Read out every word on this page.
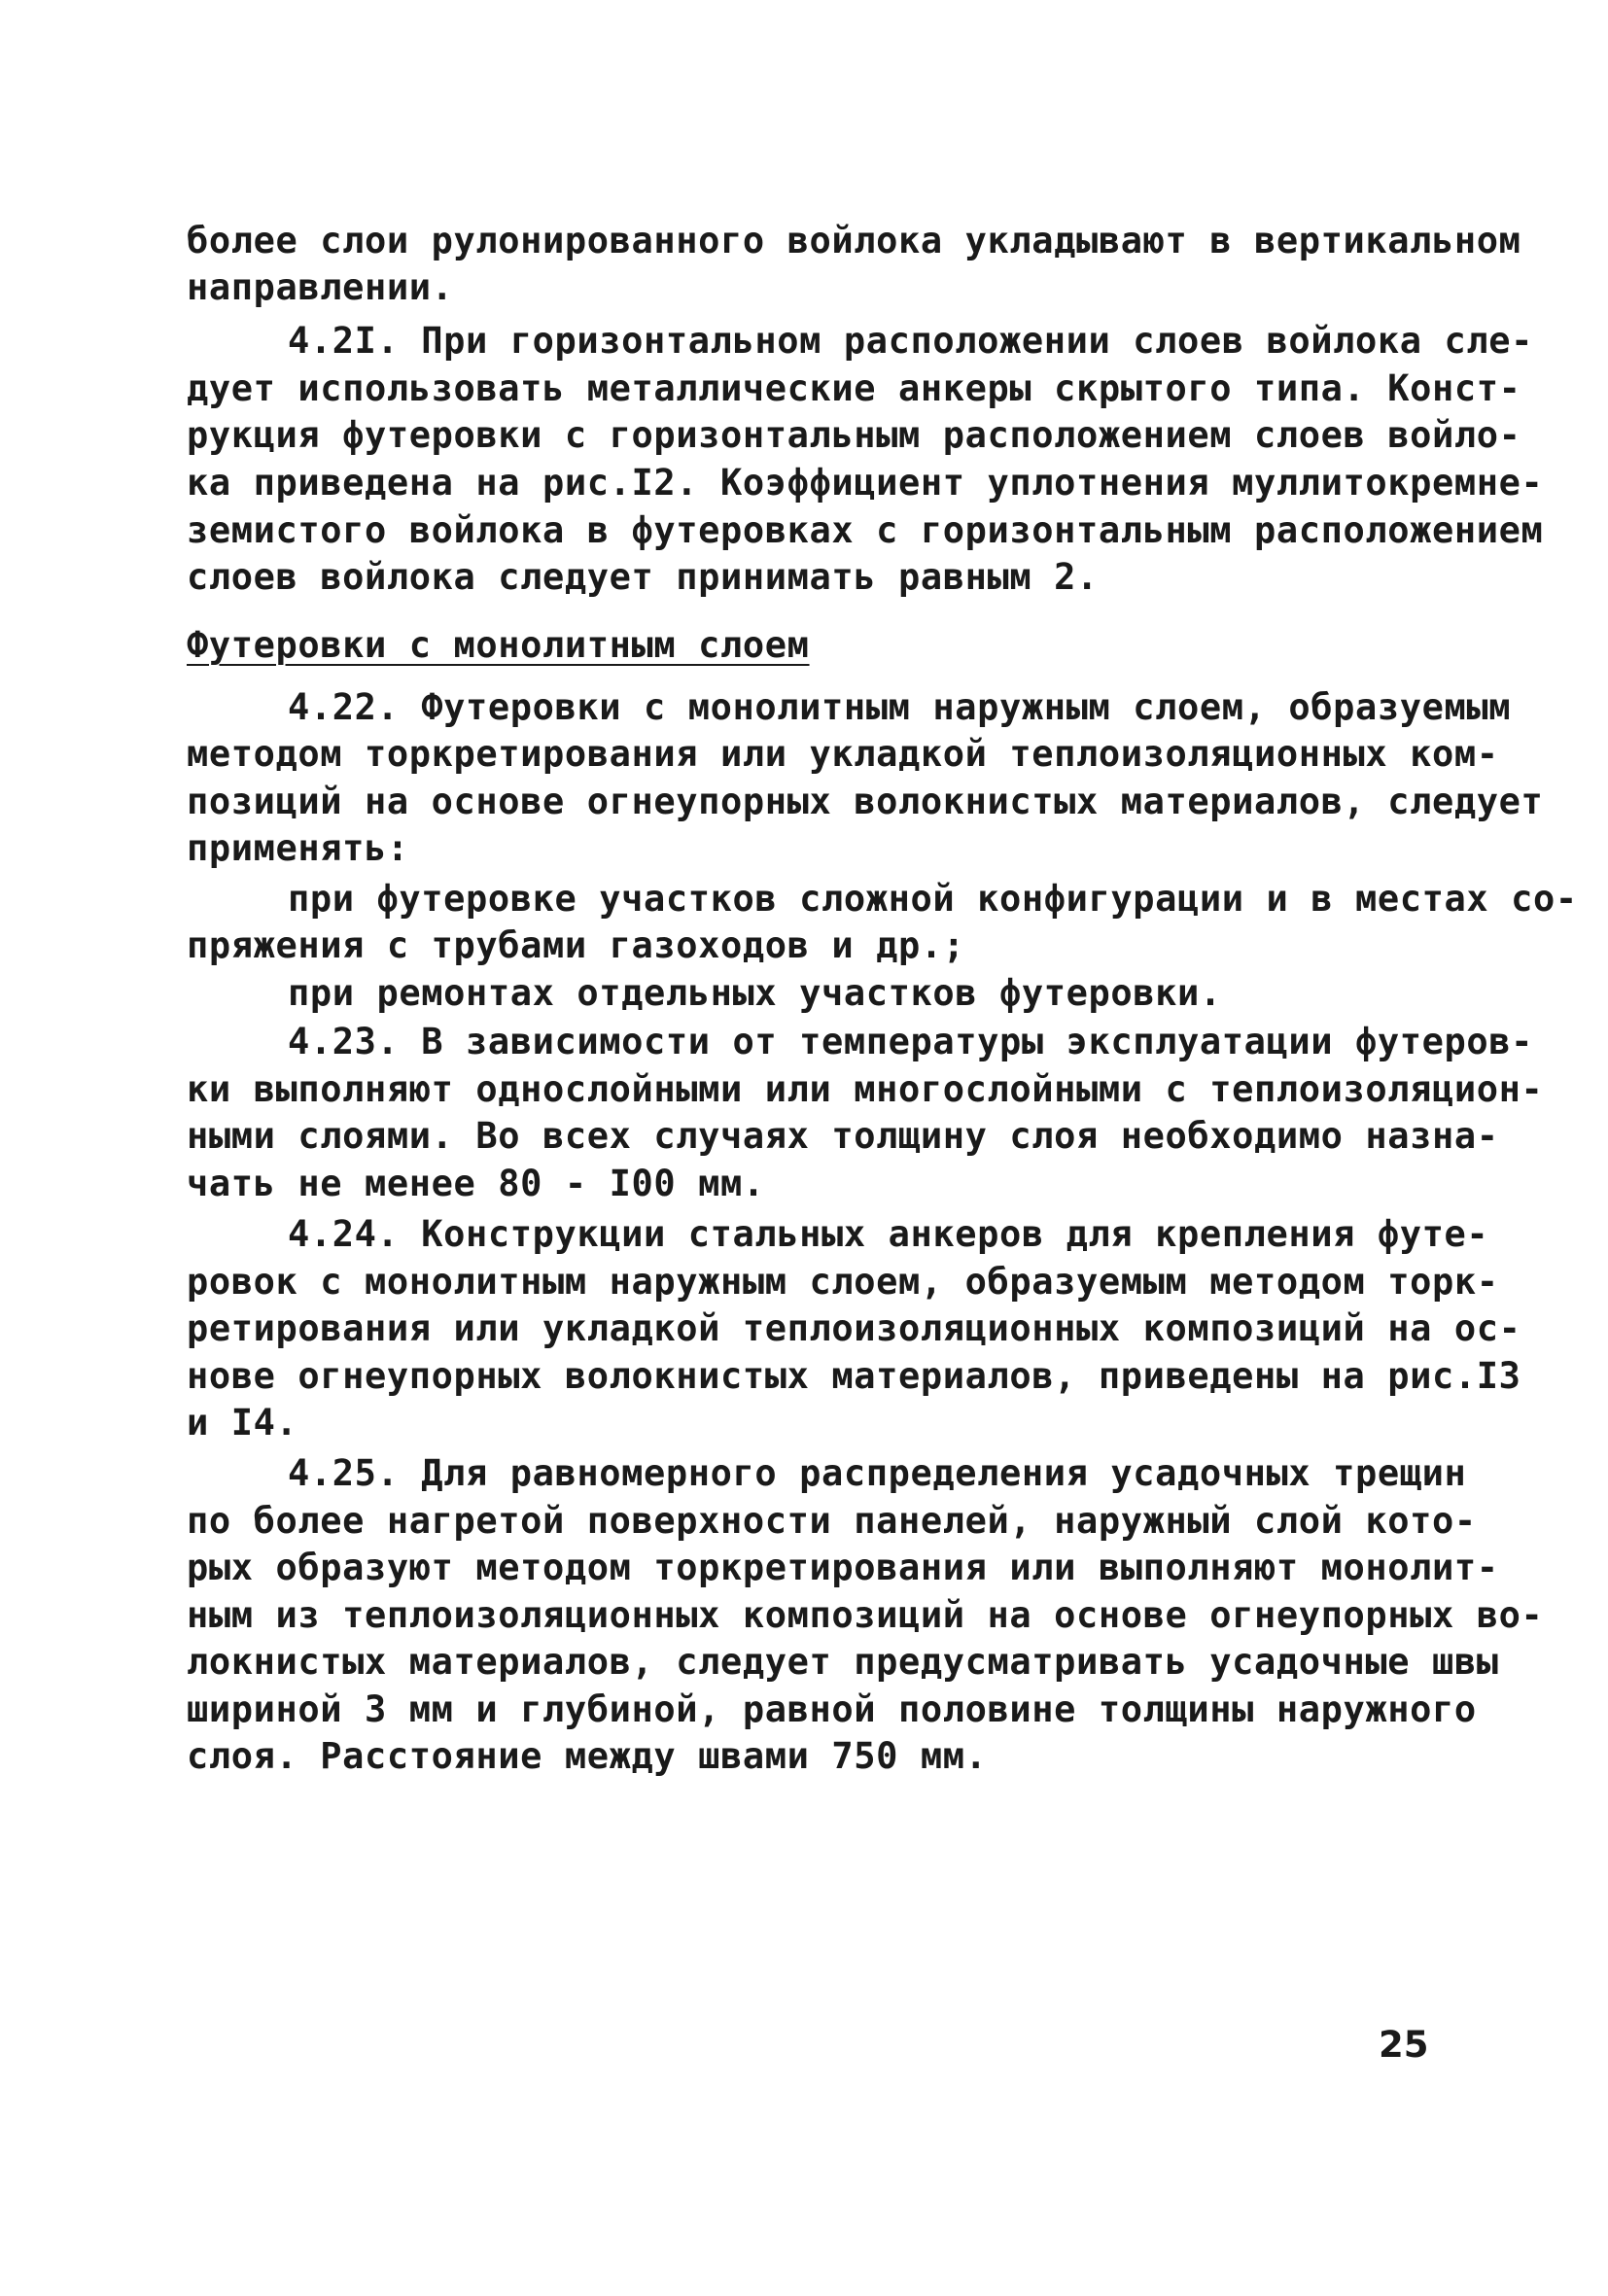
более слои рулонированного войлока укладывают в вертикальном
направлении.
4.2I. При горизонтальном расположении слоев войлока сле-
дует использовать металлические анкеры скрытого типа. Конст-
рукция футеровки с горизонтальным расположением слоев войло-
ка приведена на рис.I2. Коэффициент уплотнения муллитокремне-
земистого войлока в футеровках с горизонтальным расположением
слоев войлока следует принимать равным 2.
Футеровки с монолитным слоем
4.22. Футеровки с монолитным наружным слоем, образуемым
методом торкретирования или укладкой теплоизоляционных ком-
позиций на основе огнеупорных волокнистых материалов, следует
применять:
при футеровке участков сложной конфигурации и в местах со-
пряжения с трубами газоходов и др.;
при ремонтах отдельных участков футеровки.
4.23. В зависимости от температуры эксплуатации футеров-
ки выполняют однослойными или многослойными с теплоизоляцион-
ными слоями. Во всех случаях толщину слоя необходимо назна-
чать не менее 80 - I00 мм.
4.24. Конструкции стальных анкеров для крепления футе-
ровок с монолитным наружным слоем, образуемым методом торк-
ретирования или укладкой теплоизоляционных композиций на ос-
нове огнеупорных волокнистых материалов, приведены на рис.I3
и I4.
4.25. Для равномерного распределения усадочных трещин
по более нагретой поверхности панелей, наружный слой кото-
рых образуют методом торкретирования или выполняют монолит-
ным из теплоизоляционных композиций на основе огнеупорных во-
локнистых материалов, следует предусматривать усадочные швы
шириной 3 мм и глубиной, равной половине толщины наружного
слоя. Расстояние между швами 750 мм.
25
